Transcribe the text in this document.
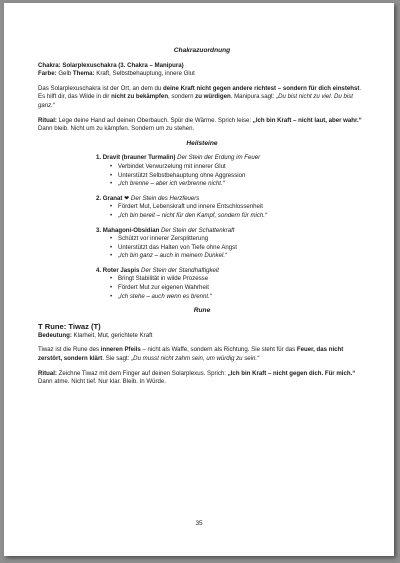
Chakrazuordnung

Chakra: Solarplexuschakra (3. Chakra – Manipura)

Farbe: Gelb Thema: Kraft, Selbstbehauptung, innere Glut

Das Solarplexuschakra ist der Ort, an dem du deine Kraft nicht gegen andere richtest – sondern für dich einstehst. Es hilft dir, das Wilde in dir nicht zu bekämpfen, sondern zu würdigen. Manipura sagt: „Du bist nicht zu viel. Du bist ganz.“

Ritual: Lege deine Hand auf deinen Oberbauch. Spür die Wärme. Sprich leise: „Ich bin Kraft – nicht laut, aber wahr.“ Dann bleib. Nicht um zu kämpfen. Sondern um zu stehen.

Heilsteine

1. Dravit (brauner Turmalin) Der Stein der Erdung im Feuer

• Verbindet Verwurzelung mit innerer Glut
• Unterstützt Selbstbehauptung ohne Aggression
• „Ich brenne – aber ich verbrenne nicht.“

2. Granat ❤ Der Stein des Herzfeuers

• Fördert Mut, Lebenskraft und innere Entschlossenheit
• „Ich bin bereit – nicht für den Kampf, sondern für mich.“

3. Mahagoni-Obsidian Der Stein der Schattenkraft

• Schützt vor innerer Zersplitterung
• Unterstützt das Halten von Tiefe ohne Angst
• „Ich bin ganz – auch in meinem Dunkel.“

4. Roter Jaspis Der Stein der Standhaftigkeit

• Bringt Stabilität in wilde Prozesse
• Fördert Mut zur eigenen Wahrheit
• „Ich stehe – auch wenn es brennt.“

Rune

T Rune: Tiwaz (T)

Bedeutung: Klarheit, Mut, gerichtete Kraft

Tiwaz ist die Rune des inneren Pfeils – nicht als Waffe, sondern als Richtung. Sie steht für das Feuer, das nicht zerstört, sondern klärt. Sie sagt: „Du musst nicht zahm sein, um würdig zu sein.“

Ritual: Zeichne Tiwaz mit dem Finger auf deinen Solarplexus. Sprich: „Ich bin Kraft – nicht gegen dich. Für mich.“ Dann atme. Nicht tief. Nur klar. Bleib. In Würde.

35
